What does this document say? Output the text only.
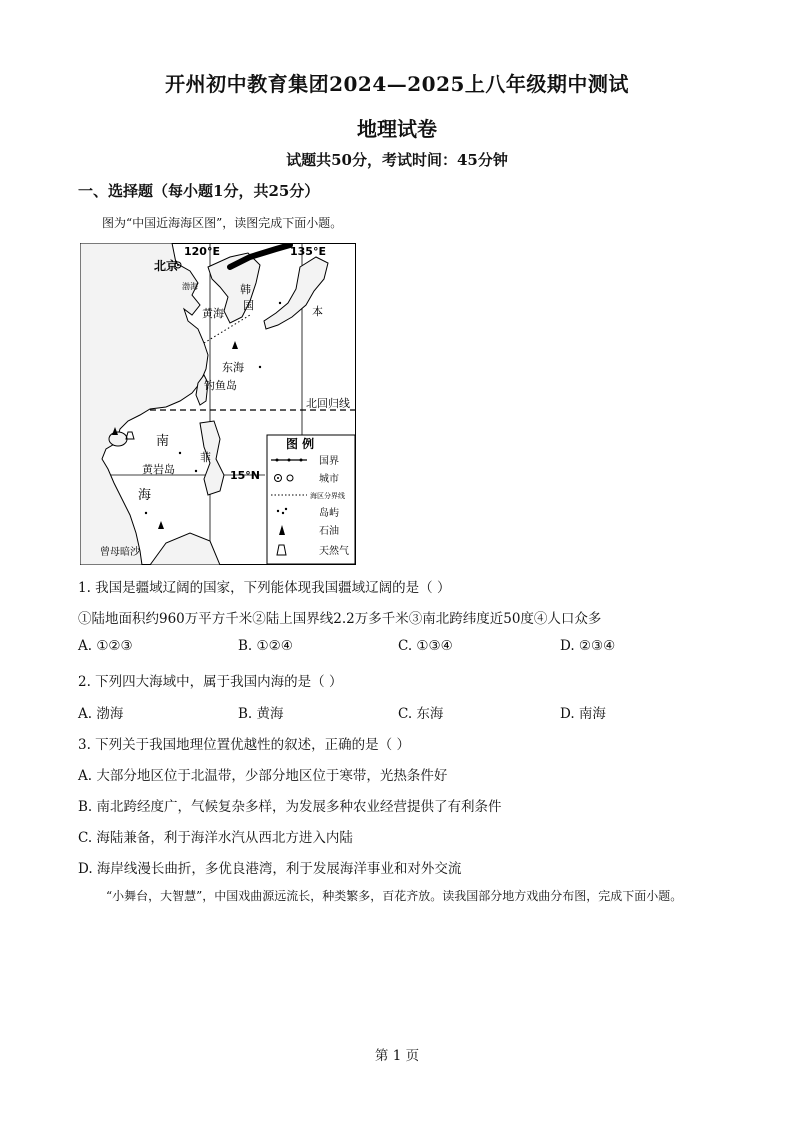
开州初中教育集团2024—2025上八年级期中测试
地理试卷
试题共50分，考试时间：45分钟
一、选择题（每小题1分，共25分）
图为“中国近海海区图”，读图完成下面小题。
120°E	135°E
北京
渤海
黄海
韩
国	本
东海
钓鱼岛
北回归线
南
黄岩岛
海
菲
15°N
曾母暗沙
图 例
国界
城市
海区分界线
岛屿
石油
天然气
1. 我国是疆域辽阔的国家，下列能体现我国疆域辽阔的是（ ）
①陆地面积约960万平方千米②陆上国界线2.2万多千米③南北跨纬度近50度④人口众多
A. ①②③	B. ①②④	C. ①③④	D. ②③④
2. 下列四大海域中，属于我国内海的是（ ）
A. 渤海	B. 黄海	C. 东海	D. 南海
3. 下列关于我国地理位置优越性的叙述，正确的是（ ）
A. 大部分地区位于北温带，少部分地区位于寒带，光热条件好
B. 南北跨经度广，气候复杂多样，为发展多种农业经营提供了有利条件
C. 海陆兼备，利于海洋水汽从西北方进入内陆
D. 海岸线漫长曲折，多优良港湾，利于发展海洋事业和对外交流
“小舞台，大智慧”，中国戏曲源远流长，种类繁多，百花齐放。读我国部分地方戏曲分布图，完成下面小题。
第 1 页
